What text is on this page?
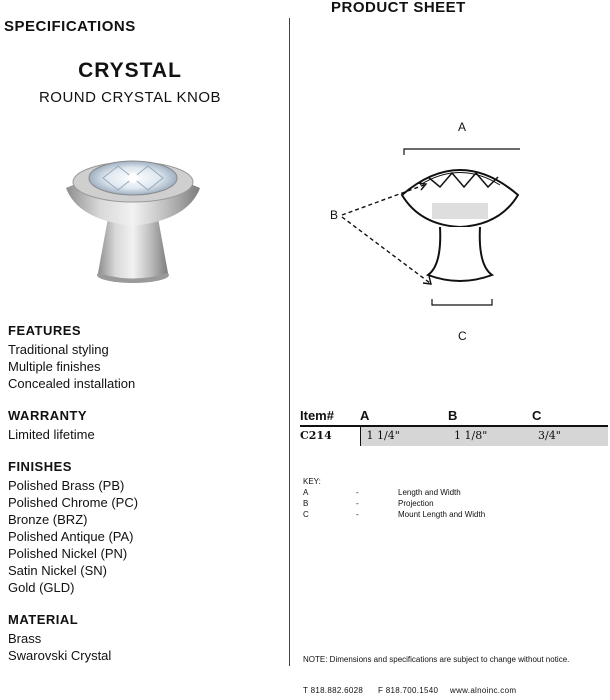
SPECIFICATIONS
PRODUCT SHEET
CRYSTAL
ROUND CRYSTAL KNOB
FEATURES
Traditional styling
Multiple finishes
Concealed installation
WARRANTY
Limited lifetime
FINISHES
Polished Brass (PB)
Polished Chrome (PC)
Bronze (BRZ)
Polished Antique (PA)
Polished Nickel (PN)
Satin Nickel (SN)
Gold (GLD)
MATERIAL
Brass
Swarovski Crystal
A
B
C
Item#	A	B	C
C214	1 1/4"	1 1/8"	3/4"
KEY:
A	-	Length and Width
B	-	Projection
C	-	Mount Length and Width
NOTE: Dimensions and specifications are subject to change without notice.
T 818.882.6028 F 818.700.1540 www.alnoinc.com
